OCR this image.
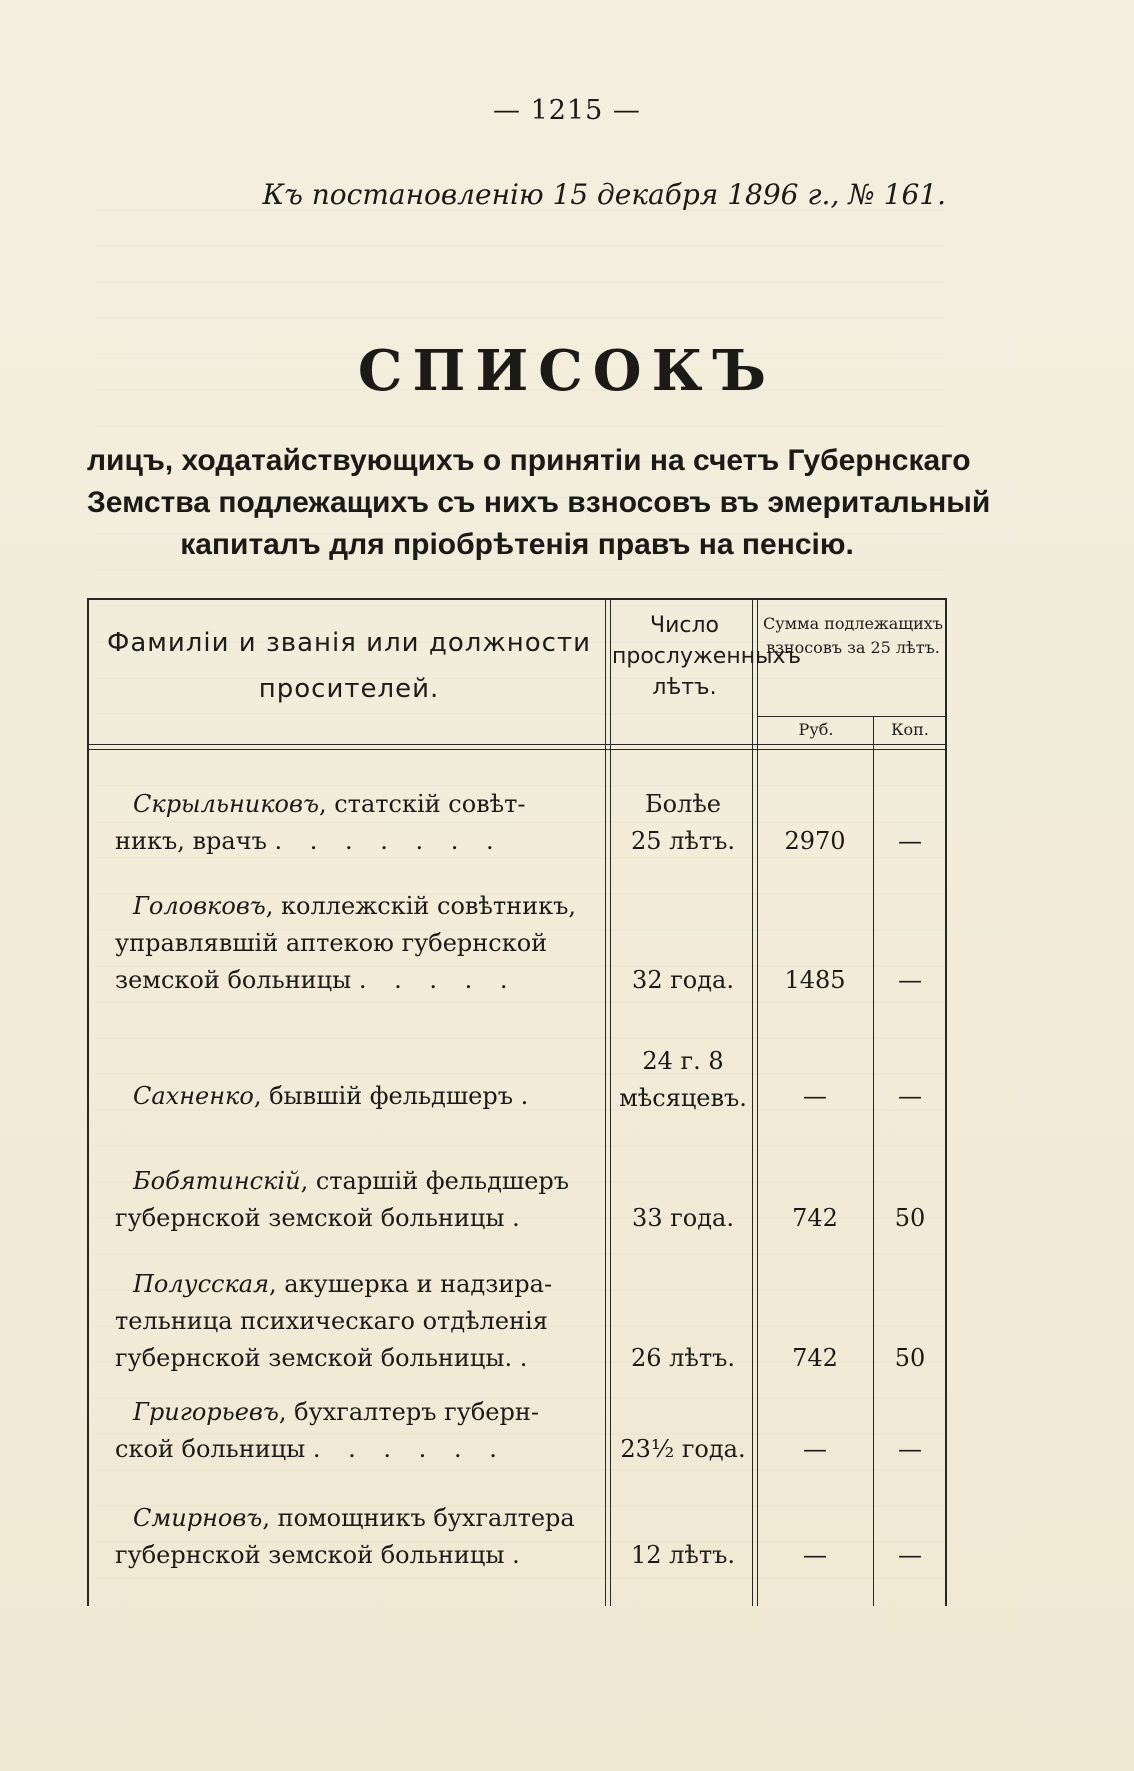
— 1215 —
Къ постановленію 15 декабря 1896 г., № 161.
СПИСОКЪ
лицъ, ходатайствующихъ о принятіи на счетъ Губернскаго
Земства подлежащихъ съ нихъ взносовъ въ эмеритальный
капиталъ для пріобрѣтенія правъ на пенсію.
Фамиліи и званія или должности просителей.
Число прослуженныхъ лѣтъ.
Сумма подлежащихъ взносовъ за 25 лѣтъ.
Руб.	Коп.
Скрыльниковъ, статскій совѣт-
никъ, врачъ . . . . . . .
Болѣе
25 лѣтъ.	2970	—
Головковъ, коллежскій совѣтникъ,
управлявшій аптекою губернской
земской больницы . . . . .	32 года.	1485	—
Сахненко, бывшій фельдшеръ .
24 г. 8
мѣсяцевъ.	—	—
Бобятинскій, старшій фельдшеръ
губернской земской больницы .	33 года.	742	50
Полусская, акушерка и надзира-
тельница психическаго отдѣленія
губернской земской больницы. .	26 лѣтъ.	742	50
Григорьевъ, бухгалтеръ губерн-
ской больницы . . . . . .	23½ года.	—	—
Смирновъ, помощникъ бухгалтера
губернской земской больницы .	12 лѣтъ.	—	—
